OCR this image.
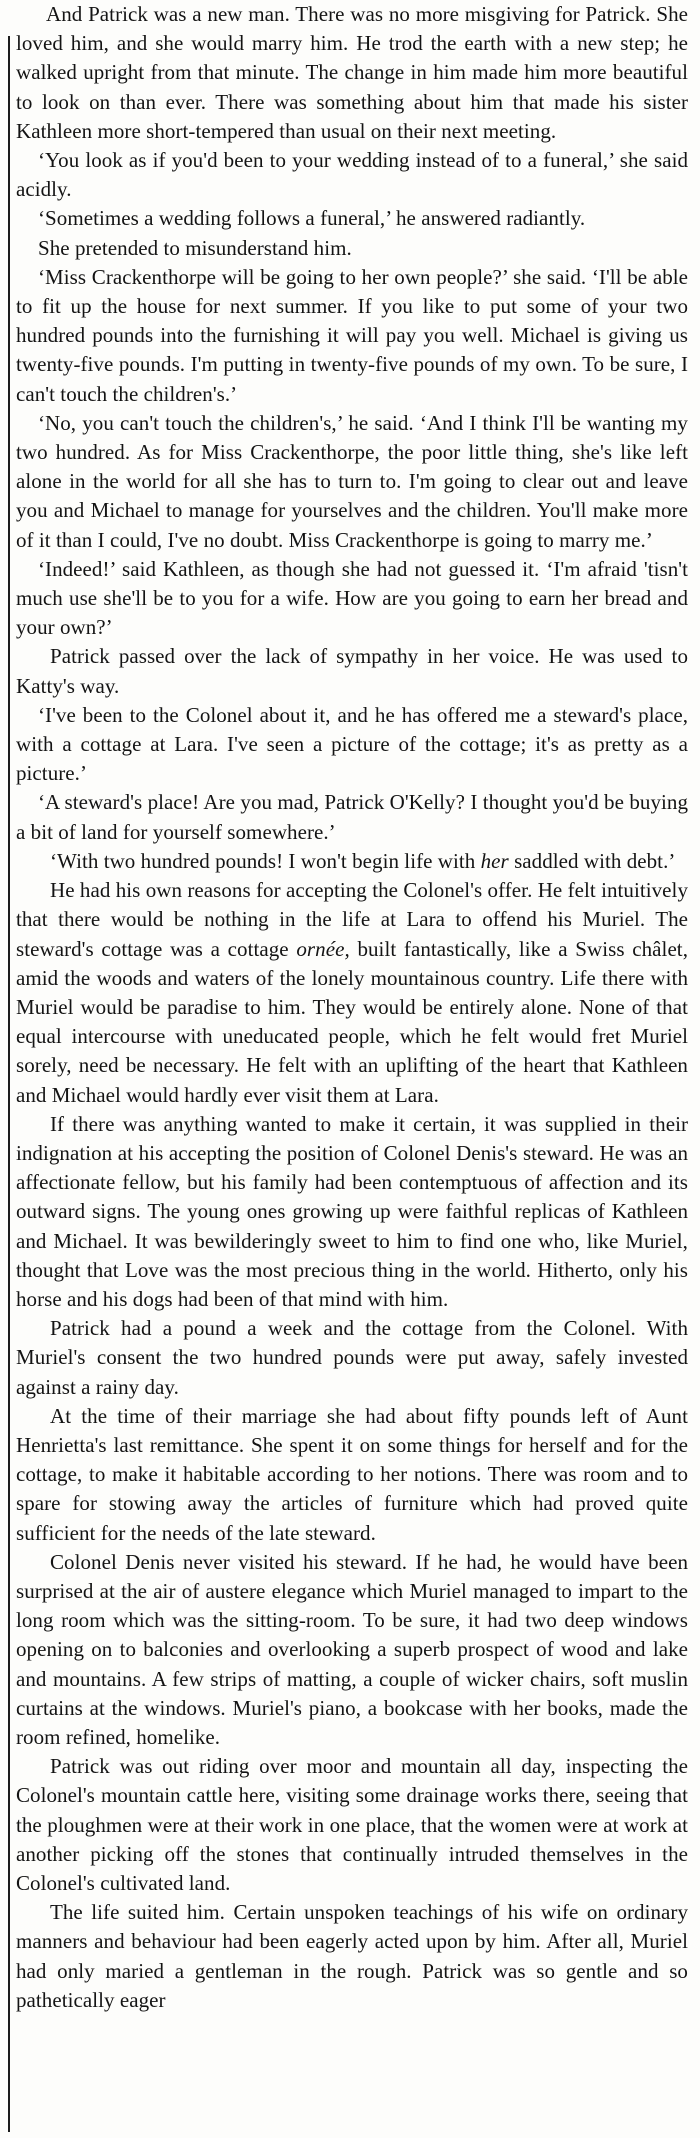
And Patrick was a new man. There was no more misgiving for Patrick. She loved him, and she would marry him. He trod the earth with a new step; he walked upright from that minute. The change in him made him more beautiful to look on than ever. There was something about him that made his sister Kathleen more short-tempered than usual on their next meeting.

‘You look as if you'd been to your wedding instead of to a funeral,’ she said acidly.

‘Sometimes a wedding follows a funeral,’ he answered radiantly.

She pretended to misunderstand him.

‘Miss Crackenthorpe will be going to her own people?’ she said. ‘I'll be able to fit up the house for next summer. If you like to put some of your two hundred pounds into the furnishing it will pay you well. Michael is giving us twenty-five pounds. I'm putting in twenty-five pounds of my own. To be sure, I can't touch the children's.’

‘No, you can't touch the children's,’ he said. ‘And I think I'll be wanting my two hundred. As for Miss Crackenthorpe, the poor little thing, she's like left alone in the world for all she has to turn to. I'm going to clear out and leave you and Michael to manage for yourselves and the children. You'll make more of it than I could, I've no doubt. Miss Crackenthorpe is going to marry me.’

‘Indeed!’ said Kathleen, as though she had not guessed it. ‘I'm afraid 'tisn't much use she'll be to you for a wife. How are you going to earn her bread and your own?’

Patrick passed over the lack of sympathy in her voice. He was used to Katty's way.

‘I've been to the Colonel about it, and he has offered me a steward's place, with a cottage at Lara. I've seen a picture of the cottage; it's as pretty as a picture.’

‘A steward's place! Are you mad, Patrick O'Kelly? I thought you'd be buying a bit of land for yourself somewhere.’

‘With two hundred pounds! I won't begin life with her saddled with debt.’

He had his own reasons for accepting the Colonel's offer. He felt intuitively that there would be nothing in the life at Lara to offend his Muriel. The steward's cottage was a cottage ornée, built fantastically, like a Swiss châlet, amid the woods and waters of the lonely mountainous country. Life there with Muriel would be paradise to him. They would be entirely alone. None of that equal intercourse with uneducated people, which he felt would fret Muriel sorely, need be necessary. He felt with an uplifting of the heart that Kathleen and Michael would hardly ever visit them at Lara.

If there was anything wanted to make it certain, it was supplied in their indignation at his accepting the position of Colonel Denis's steward. He was an affectionate fellow, but his family had been contemptuous of affection and its outward signs. The young ones growing up were faithful replicas of Kathleen and Michael. It was bewilderingly sweet to him to find one who, like Muriel, thought that Love was the most precious thing in the world. Hitherto, only his horse and his dogs had been of that mind with him.

Patrick had a pound a week and the cottage from the Colonel. With Muriel's consent the two hundred pounds were put away, safely invested against a rainy day.

At the time of their marriage she had about fifty pounds left of Aunt Henrietta's last remittance. She spent it on some things for herself and for the cottage, to make it habitable according to her notions. There was room and to spare for stowing away the articles of furniture which had proved quite sufficient for the needs of the late steward.

Colonel Denis never visited his steward. If he had, he would have been surprised at the air of austere elegance which Muriel managed to impart to the long room which was the sitting-room. To be sure, it had two deep windows opening on to balconies and overlooking a superb prospect of wood and lake and mountains. A few strips of matting, a couple of wicker chairs, soft muslin curtains at the windows. Muriel's piano, a bookcase with her books, made the room refined, homelike.

Patrick was out riding over moor and mountain all day, inspecting the Colonel's mountain cattle here, visiting some drainage works there, seeing that the ploughmen were at their work in one place, that the women were at work at another picking off the stones that continually intruded themselves in the Colonel's cultivated land.

The life suited him. Certain unspoken teachings of his wife on ordinary manners and behaviour had been eagerly acted upon by him. After all, Muriel had only maried a gentleman in the rough. Patrick was so gentle and so pathetically eager
